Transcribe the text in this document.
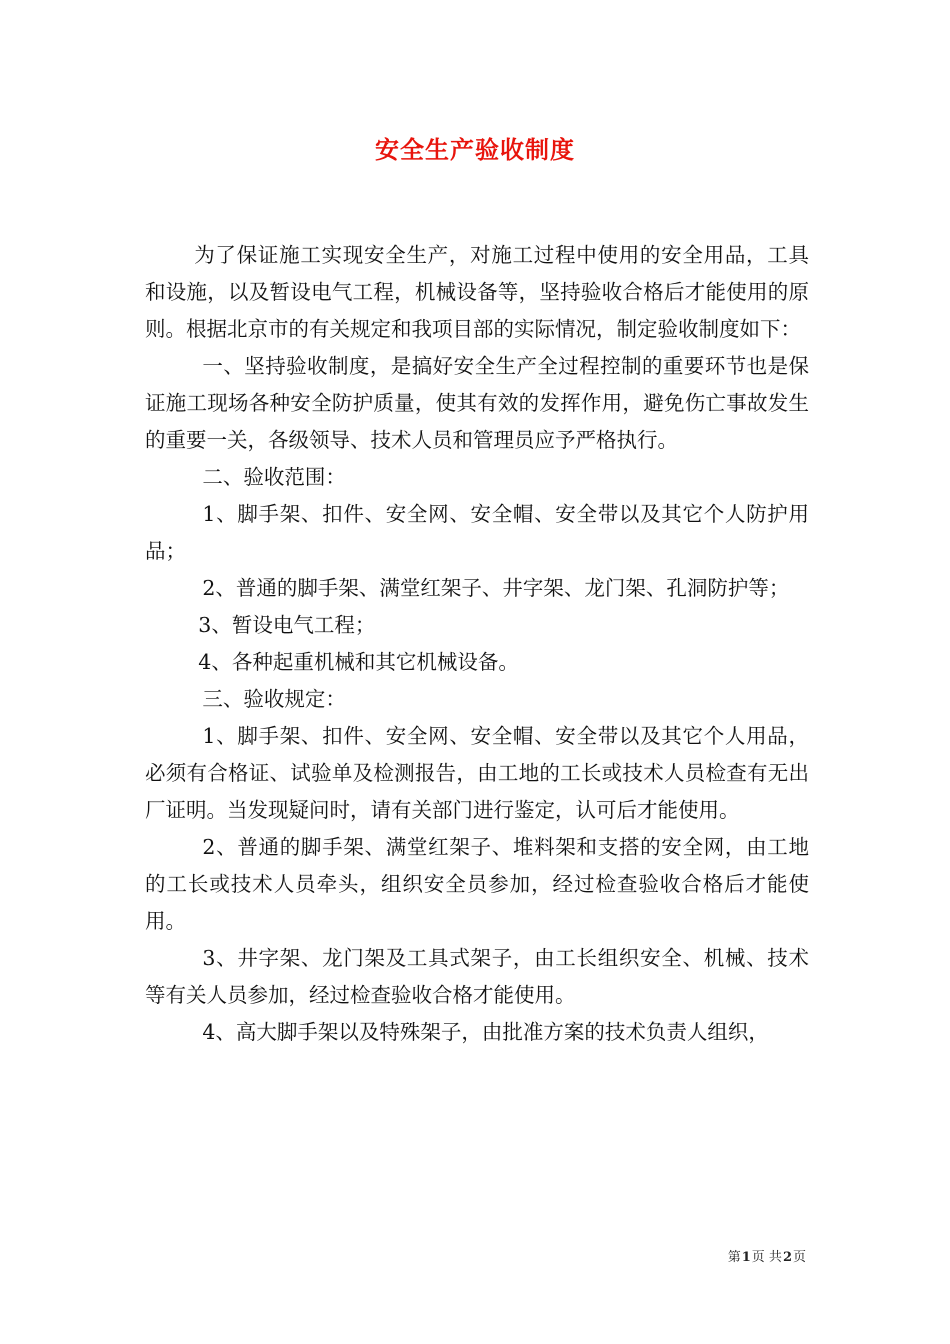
安全生产验收制度

为了保证施工实现安全生产，对施工过程中使用的安全用品，工具和设施，以及暂设电气工程，机械设备等，坚持验收合格后才能使用的原则。根据北京市的有关规定和我项目部的实际情况，制定验收制度如下：

一、坚持验收制度，是搞好安全生产全过程控制的重要环节也是保证施工现场各种安全防护质量，使其有效的发挥作用，避免伤亡事故发生的重要一关，各级领导、技术人员和管理员应予严格执行。

二、验收范围：

1、脚手架、扣件、安全网、安全帽、安全带以及其它个人防护用品；

2、普通的脚手架、满堂红架子、井字架、龙门架、孔洞防护等；

3、暂设电气工程；

4、各种起重机械和其它机械设备。

三、验收规定：

1、脚手架、扣件、安全网、安全帽、安全带以及其它个人用品，必须有合格证、试验单及检测报告，由工地的工长或技术人员检查有无出厂证明。当发现疑问时，请有关部门进行鉴定，认可后才能使用。

2、普通的脚手架、满堂红架子、堆料架和支搭的安全网，由工地的工长或技术人员牵头，组织安全员参加，经过检查验收合格后才能使用。

3、井字架、龙门架及工具式架子，由工长组织安全、机械、技术等有关人员参加，经过检查验收合格才能使用。

4、高大脚手架以及特殊架子，由批准方案的技术负责人组织，

第1页 共2页
